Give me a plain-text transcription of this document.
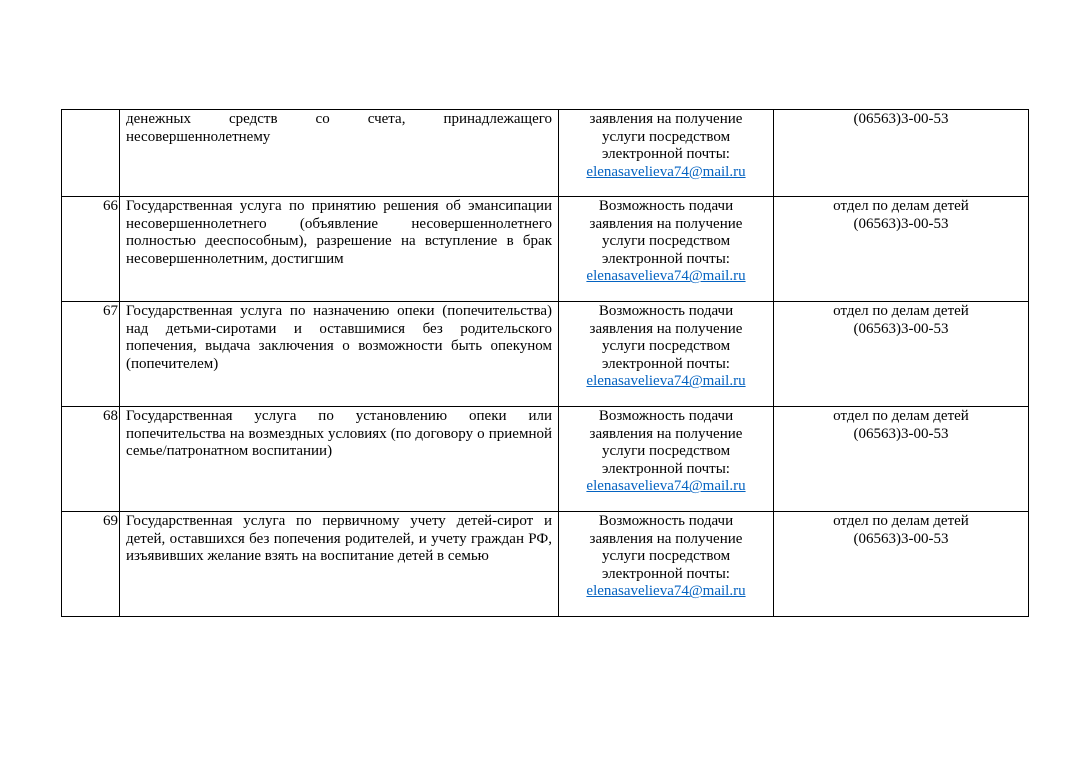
	денежных средств со счета, принадлежащего несовершеннолетнему	заявления на получение
услуги посредством
электронной почты:
elenasavelieva74@mail.ru	(06563)3-00-53

66	Государственная услуга по принятию решения об эмансипации несовершеннолетнего (объявление несовершеннолетнего полностью дееспособным), разрешение на вступление в брак несовершеннолетним, достигшим	Возможность подачи
заявления на получение
услуги посредством
электронной почты:
elenasavelieva74@mail.ru	отдел по делам детей
(06563)3-00-53

67	Государственная услуга по назначению опеки (попечительства) над детьми-сиротами и оставшимися без родительского попечения, выдача заключения о возможности быть опекуном (попечителем)	Возможность подачи
заявления на получение
услуги посредством
электронной почты:
elenasavelieva74@mail.ru	отдел по делам детей
(06563)3-00-53

68	Государственная услуга по установлению опеки или попечительства на возмездных условиях (по договору о приемной семье/патронатном воспитании)	Возможность подачи
заявления на получение
услуги посредством
электронной почты:
elenasavelieva74@mail.ru	отдел по делам детей
(06563)3-00-53

69	Государственная услуга по первичному учету детей-сирот и детей, оставшихся без попечения родителей, и учету граждан РФ, изъявивших желание взять на воспитание детей в семью	Возможность подачи
заявления на получение
услуги посредством
электронной почты:
elenasavelieva74@mail.ru	отдел по делам детей
(06563)3-00-53
